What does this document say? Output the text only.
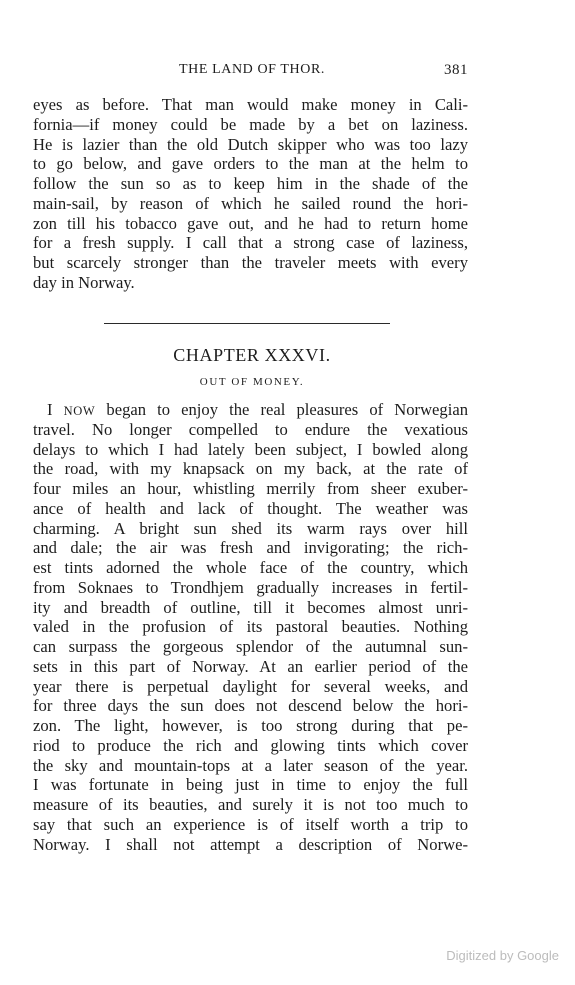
THE LAND OF THOR.	381
eyes as before. That man would make money in Cali-
fornia—if money could be made by a bet on laziness.
He is lazier than the old Dutch skipper who was too lazy
to go below, and gave orders to the man at the helm to
follow the sun so as to keep him in the shade of the
main-sail, by reason of which he sailed round the hori-
zon till his tobacco gave out, and he had to return home
for a fresh supply. I call that a strong case of laziness,
but scarcely stronger than the traveler meets with every
day in Norway.
CHAPTER XXXVI.
OUT OF MONEY.
I NOW began to enjoy the real pleasures of Norwegian
travel. No longer compelled to endure the vexatious
delays to which I had lately been subject, I bowled along
the road, with my knapsack on my back, at the rate of
four miles an hour, whistling merrily from sheer exuber-
ance of health and lack of thought. The weather was
charming. A bright sun shed its warm rays over hill
and dale; the air was fresh and invigorating; the rich-
est tints adorned the whole face of the country, which
from Soknaes to Trondhjem gradually increases in fertil-
ity and breadth of outline, till it becomes almost unri-
valed in the profusion of its pastoral beauties. Nothing
can surpass the gorgeous splendor of the autumnal sun-
sets in this part of Norway. At an earlier period of the
year there is perpetual daylight for several weeks, and
for three days the sun does not descend below the hori-
zon. The light, however, is too strong during that pe-
riod to produce the rich and glowing tints which cover
the sky and mountain-tops at a later season of the year.
I was fortunate in being just in time to enjoy the full
measure of its beauties, and surely it is not too much to
say that such an experience is of itself worth a trip to
Norway. I shall not attempt a description of Norwe-
Digitized by Google
